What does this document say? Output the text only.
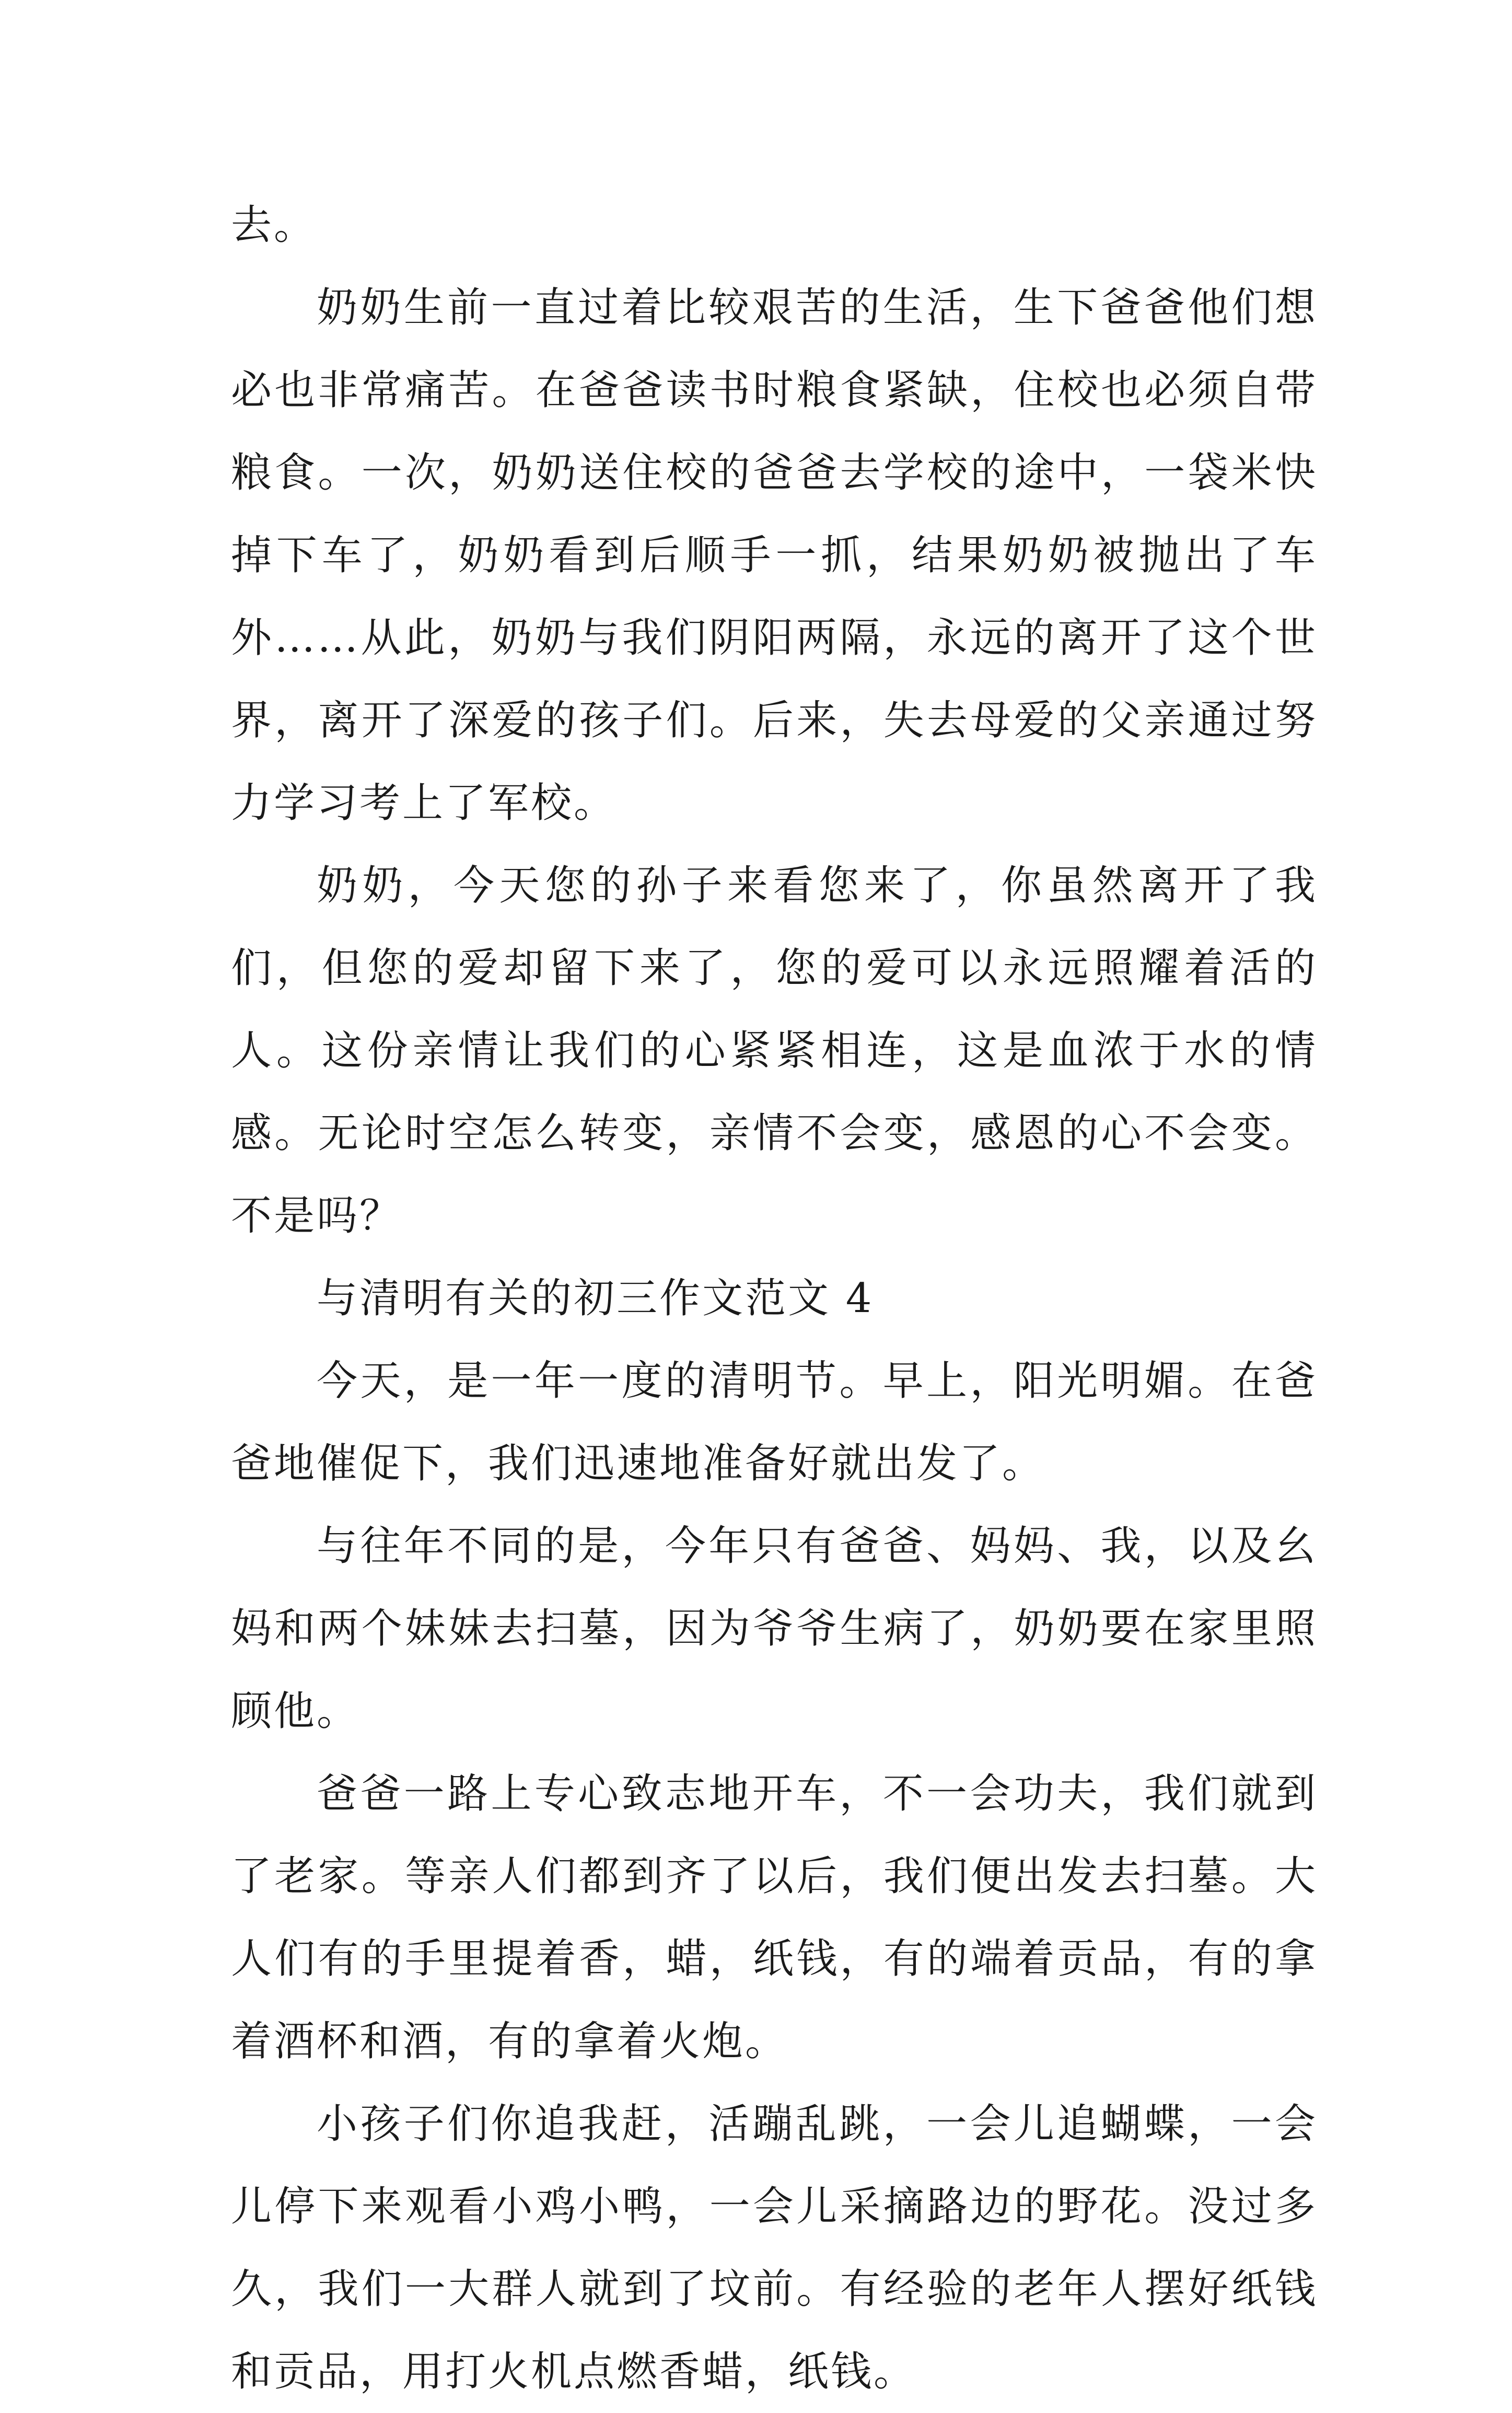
去。

奶奶生前一直过着比较艰苦的生活，生下爸爸他们想必也非常痛苦。在爸爸读书时粮食紧缺，住校也必须自带粮食。一次，奶奶送住校的爸爸去学校的途中，一袋米快掉下车了，奶奶看到后顺手一抓，结果奶奶被抛出了车外……从此，奶奶与我们阴阳两隔，永远的离开了这个世界，离开了深爱的孩子们。后来，失去母爱的父亲通过努力学习考上了军校。

奶奶，今天您的孙子来看您来了，你虽然离开了我们，但您的爱却留下来了，您的爱可以永远照耀着活的人。这份亲情让我们的心紧紧相连，这是血浓于水的情感。无论时空怎么转变，亲情不会变，感恩的心不会变。不是吗？

与清明有关的初三作文范文 4

今天，是一年一度的清明节。早上，阳光明媚。在爸爸地催促下，我们迅速地准备好就出发了。

与往年不同的是，今年只有爸爸、妈妈、我，以及幺妈和两个妹妹去扫墓，因为爷爷生病了，奶奶要在家里照顾他。

爸爸一路上专心致志地开车，不一会功夫，我们就到了老家。等亲人们都到齐了以后，我们便出发去扫墓。大人们有的手里提着香，蜡，纸钱，有的端着贡品，有的拿着酒杯和酒，有的拿着火炮。

小孩子们你追我赶，活蹦乱跳，一会儿追蝴蝶，一会儿停下来观看小鸡小鸭，一会儿采摘路边的野花。没过多久，我们一大群人就到了坟前。有经验的老年人摆好纸钱和贡品，用打火机点燃香蜡，纸钱。
